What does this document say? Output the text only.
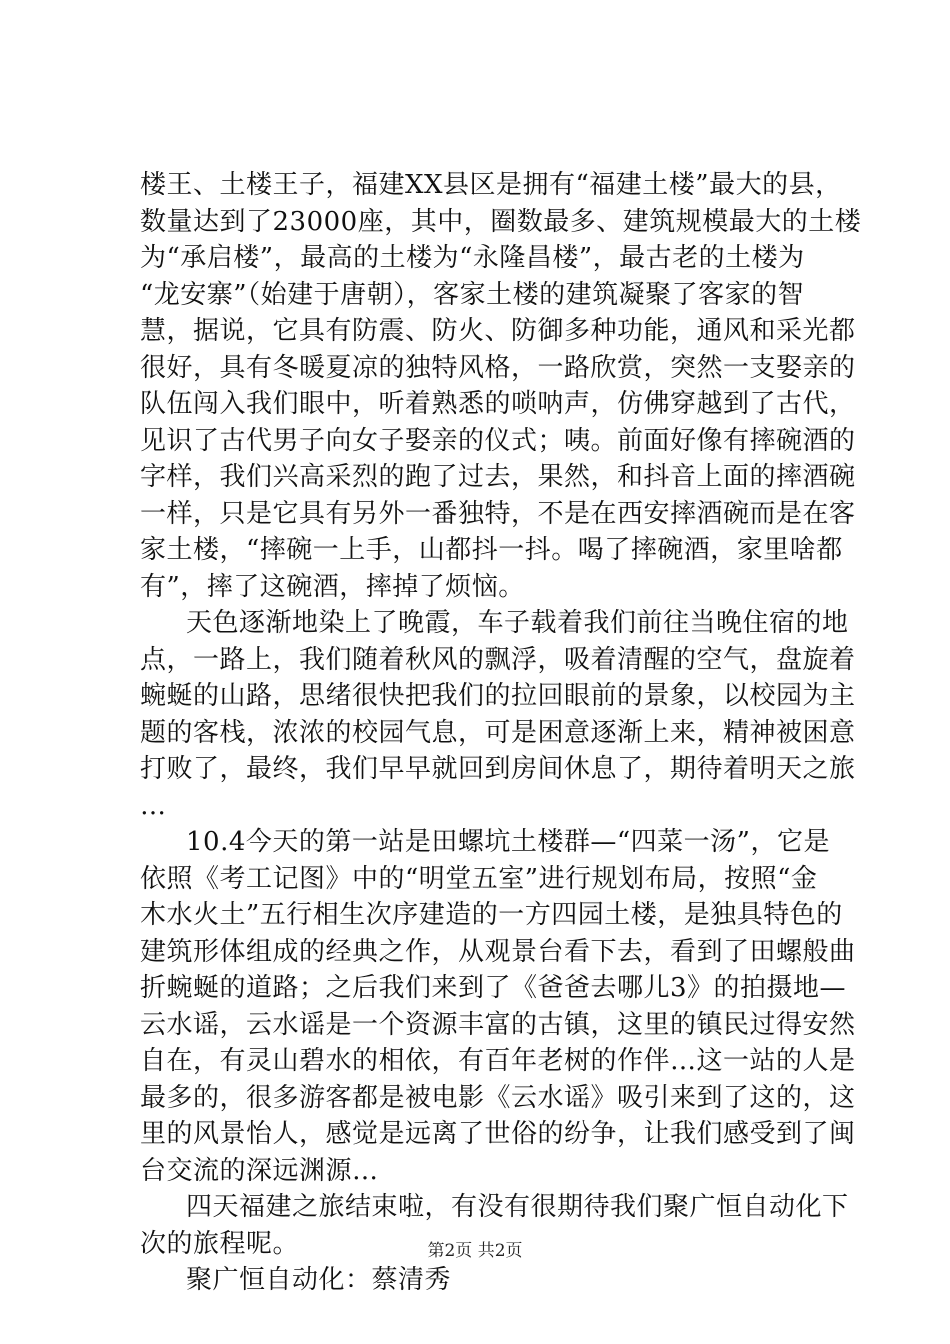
楼王、土楼王子，福建XX县区是拥有“福建土楼”最大的县，
数量达到了23000座，其中，圈数最多、建筑规模最大的土楼
为“承启楼”，最高的土楼为“永隆昌楼”，最古老的土楼为
“龙安寨”（始建于唐朝），客家土楼的建筑凝聚了客家的智
慧，据说，它具有防震、防火、防御多种功能，通风和采光都
很好，具有冬暖夏凉的独特风格，一路欣赏，突然一支娶亲的
队伍闯入我们眼中，听着熟悉的唢呐声，仿佛穿越到了古代，
见识了古代男子向女子娶亲的仪式；咦。前面好像有摔碗酒的
字样，我们兴高采烈的跑了过去，果然，和抖音上面的摔酒碗
一样，只是它具有另外一番独特，不是在西安摔酒碗而是在客
家土楼，“摔碗一上手，山都抖一抖。喝了摔碗酒，家里啥都
有”，摔了这碗酒，摔掉了烦恼。
天色逐渐地染上了晚霞，车子载着我们前往当晚住宿的地
点，一路上，我们随着秋风的飘浮，吸着清醒的空气，盘旋着
蜿蜒的山路，思绪很快把我们的拉回眼前的景象，以校园为主
题的客栈，浓浓的校园气息，可是困意逐渐上来，精神被困意
打败了，最终，我们早早就回到房间休息了，期待着明天之旅
…
10.4今天的第一站是田螺坑土楼群—“四菜一汤”，它是
依照《考工记图》中的“明堂五室”进行规划布局，按照“金
木水火土”五行相生次序建造的一方四园土楼，是独具特色的
建筑形体组成的经典之作，从观景台看下去，看到了田螺般曲
折蜿蜒的道路；之后我们来到了《爸爸去哪儿3》的拍摄地—
云水谣，云水谣是一个资源丰富的古镇，这里的镇民过得安然
自在，有灵山碧水的相依，有百年老树的作伴…这一站的人是
最多的，很多游客都是被电影《云水谣》吸引来到了这的，这
里的风景怡人，感觉是远离了世俗的纷争，让我们感受到了闽
台交流的深远渊源…
四天福建之旅结束啦，有没有很期待我们聚广恒自动化下
次的旅程呢。
聚广恒自动化：蔡清秀
第2页 共2页
